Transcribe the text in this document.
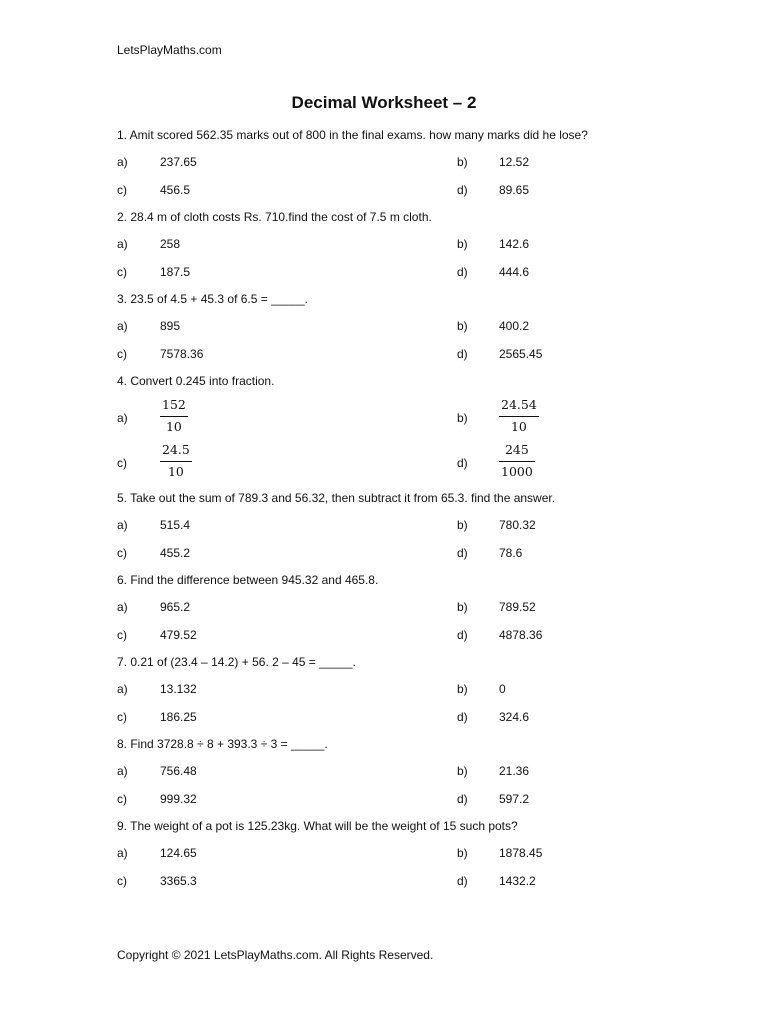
LetsPlayMaths.com
Decimal Worksheet – 2
1. Amit scored 562.35 marks out of 800 in the final exams. how many marks did he lose?
a)	237.65	b)	12.52
c)	456.5	d)	89.65
2. 28.4 m of cloth costs Rs. 710.find the cost of 7.5 m cloth.
a)	258	b)	142.6
c)	187.5	d)	444.6
3. 23.5 of 4.5 + 45.3 of 6.5 = _____.
a)	895	b)	400.2
c)	7578.36	d)	2565.45
4. Convert 0.245 into fraction.
a)
152
10
b)
24.54
10
c)
24.5
10
d)
245
1000
5. Take out the sum of 789.3 and 56.32, then subtract it from 65.3. find the answer.
a)	515.4	b)	780.32
c)	455.2	d)	78.6
6. Find the difference between 945.32 and 465.8.
a)	965.2	b)	789.52
c)	479.52	d)	4878.36
7. 0.21 of (23.4 – 14.2) + 56. 2 – 45 = _____.
a)	13.132	b)	0
c)	186.25	d)	324.6
8. Find 3728.8 ÷ 8 + 393.3 ÷ 3 = _____.
a)	756.48	b)	21.36
c)	999.32	d)	597.2
9. The weight of a pot is 125.23kg. What will be the weight of 15 such pots?
a)	124.65	b)	1878.45
c)	3365.3	d)	1432.2
Copyright © 2021 LetsPlayMaths.com. All Rights Reserved.
